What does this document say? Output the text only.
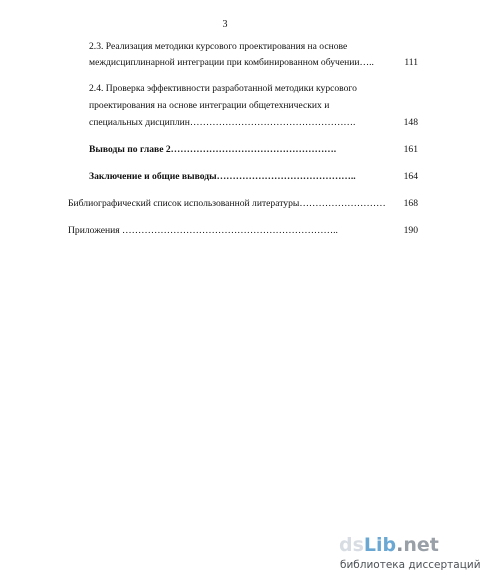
3
2.3. Реализация методики курсового проектирования на основе
междисциплинарной интеграции при комбинированном обучении…..	111
2.4. Проверка эффективности разработанной методики курсового
проектирования на основе интеграции общетехнических и
специальных дисциплин…………………………………………….	148
Выводы по главе 2…………………………………………….	161
Заключение и общие выводы……………………………………..	164
Библиографический список использованной литературы………………………	168
Приложения …………………………………………………………..	190
dsLib.net
библиотека диссертаций
